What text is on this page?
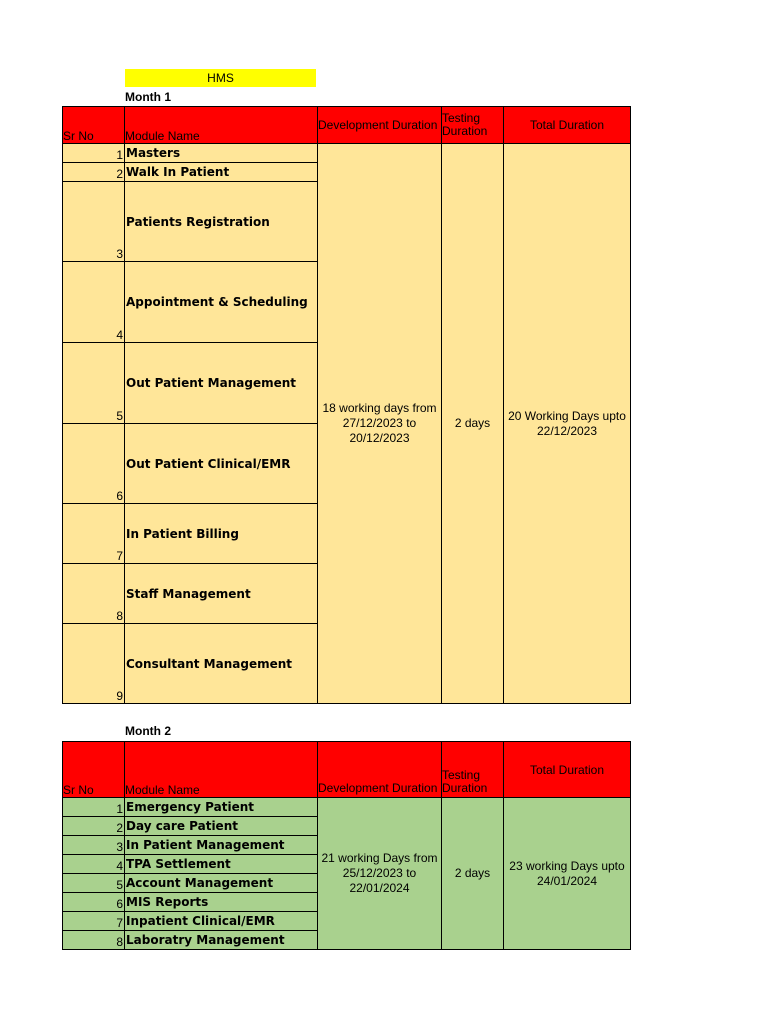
HMS
Month 1
Sr No	Module Name	Development Duration	Testing Duration	Total Duration
1	Masters	18 working days from 27/12/2023 to 20/12/2023	2 days	20 Working Days upto 22/12/2023
2	Walk In Patient			
3	Patients Registration			
4	Appointment & Scheduling			
5	Out Patient Management			
6	Out Patient Clinical/EMR			
7	In Patient Billing			
8	Staff Management			
9	Consultant Management			
Month 2
Sr No	Module Name	Development Duration	Testing Duration	Total Duration
1	Emergency Patient	21 working Days from 25/12/2023 to 22/01/2024	2 days	23 working Days upto 24/01/2024
2	Day care Patient			
3	In Patient Management			
4	TPA Settlement			
5	Account Management			
6	MIS Reports			
7	Inpatient Clinical/EMR			
8	Laboratry Management			
